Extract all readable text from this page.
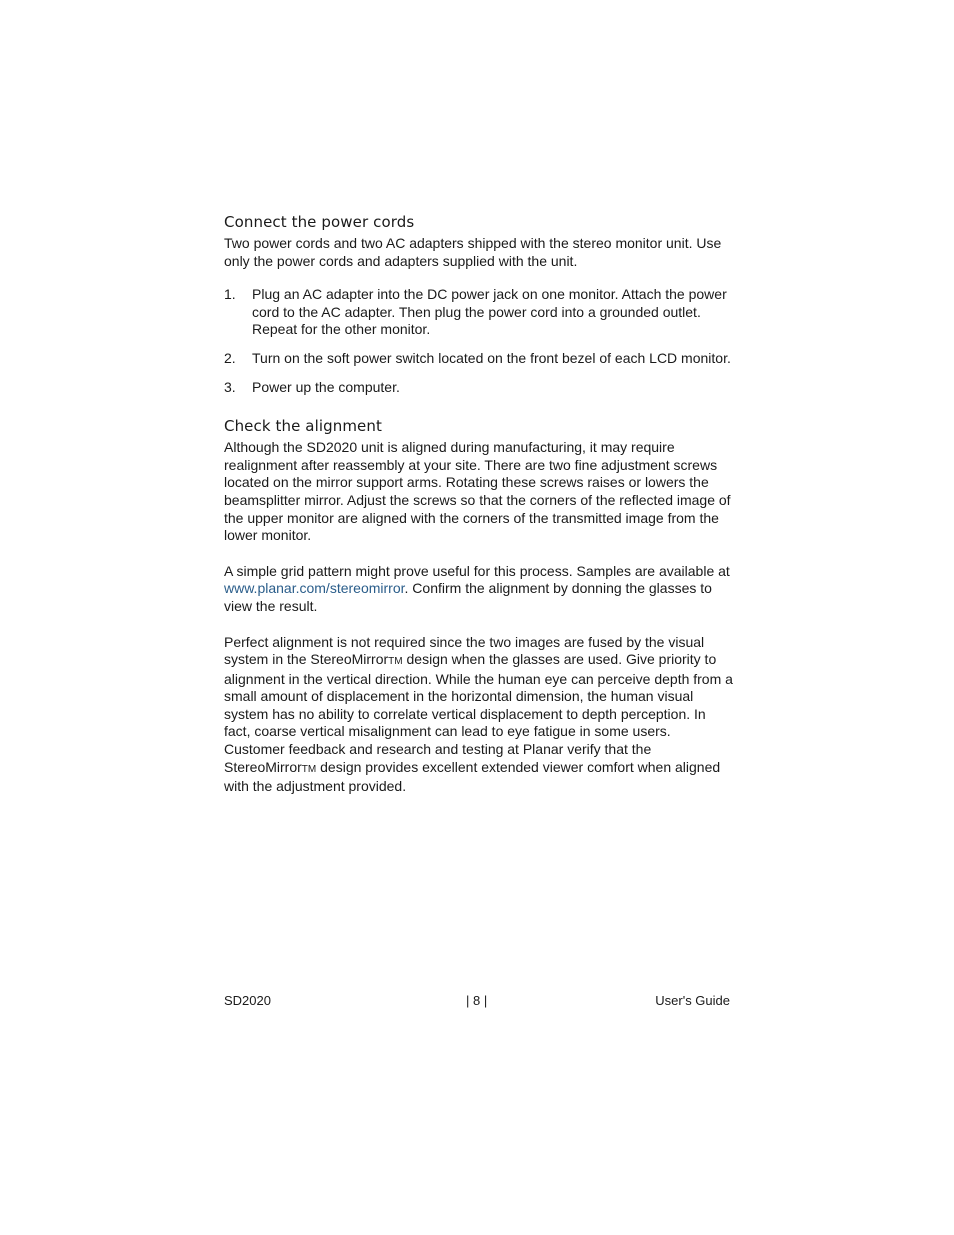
Connect the power cords

Two power cords and two AC adapters shipped with the stereo monitor unit. Use only the power cords and adapters supplied with the unit.

1. Plug an AC adapter into the DC power jack on one monitor. Attach the power cord to the AC adapter. Then plug the power cord into a grounded outlet. Repeat for the other monitor.
2. Turn on the soft power switch located on the front bezel of each LCD monitor.
3. Power up the computer.
Check the alignment

Although the SD2020 unit is aligned during manufacturing, it may require realignment after reassembly at your site. There are two fine adjustment screws located on the mirror support arms. Rotating these screws raises or lowers the beamsplitter mirror. Adjust the screws so that the corners of the reflected image of the upper monitor are aligned with the corners of the transmitted image from the lower monitor.

A simple grid pattern might prove useful for this process. Samples are available at www.planar.com/stereomirror. Confirm the alignment by donning the glasses to view the result.

Perfect alignment is not required since the two images are fused by the visual system in the StereoMirrorTM design when the glasses are used. Give priority to alignment in the vertical direction. While the human eye can perceive depth from a small amount of displacement in the horizontal dimension, the human visual system has no ability to correlate vertical displacement to depth perception. In fact, coarse vertical misalignment can lead to eye fatigue in some users. Customer feedback and research and testing at Planar verify that the StereoMirrorTM design provides excellent extended viewer comfort when aligned with the adjustment provided.

SD2020	| 8 |	User's Guide
